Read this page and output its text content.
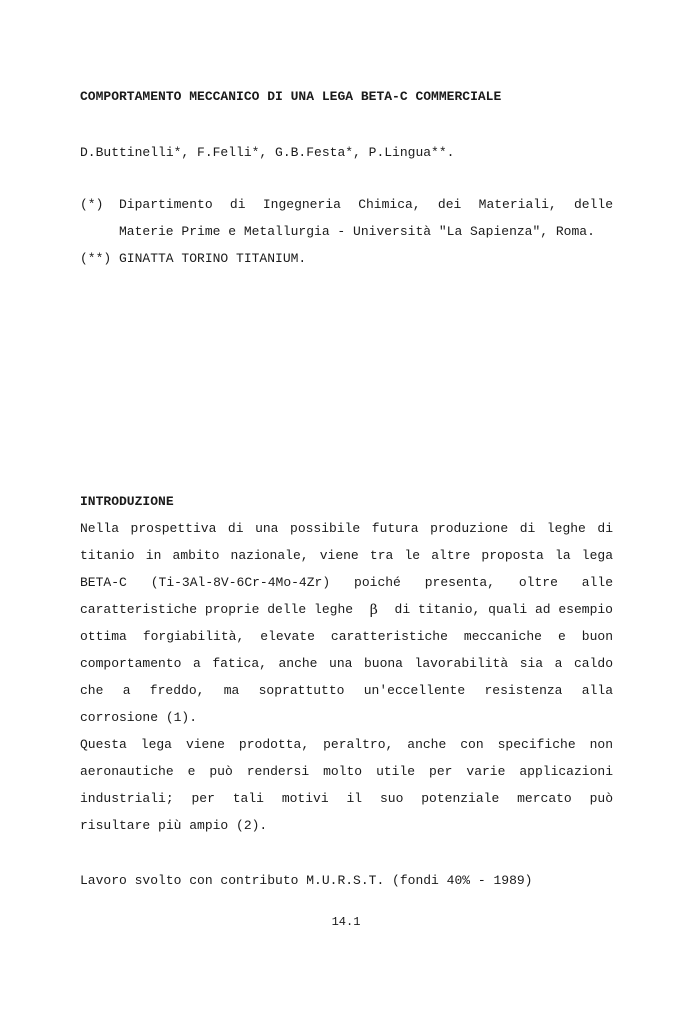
COMPORTAMENTO MECCANICO DI UNA LEGA BETA-C COMMERCIALE
D.Buttinelli*, F.Felli*, G.B.Festa*, P.Lingua**.
(*) Dipartimento di Ingegneria Chimica, dei Materiali, delle
Materie Prime e Metallurgia - Università "La Sapienza", Roma.
(**) GINATTA TORINO TITANIUM.
INTRODUZIONE
Nella prospettiva di una possibile futura produzione di leghe di
titanio in ambito nazionale, viene tra le altre proposta la lega
BETA-C (Ti-3Al-8V-6Cr-4Mo-4Zr) poiché presenta, oltre alle
caratteristiche proprie delle leghe β di titanio, quali ad esempio
ottima forgiabilità, elevate caratteristiche meccaniche e buon
comportamento a fatica, anche una buona lavorabilità sia a caldo
che a freddo, ma soprattutto un'eccellente resistenza alla
corrosione (1).
Questa lega viene prodotta, peraltro, anche con specifiche non
aeronautiche e può rendersi molto utile per varie applicazioni
industriali; per tali motivi il suo potenziale mercato può
risultare più ampio (2).
Lavoro svolto con contributo M.U.R.S.T. (fondi 40% - 1989)
14.1
